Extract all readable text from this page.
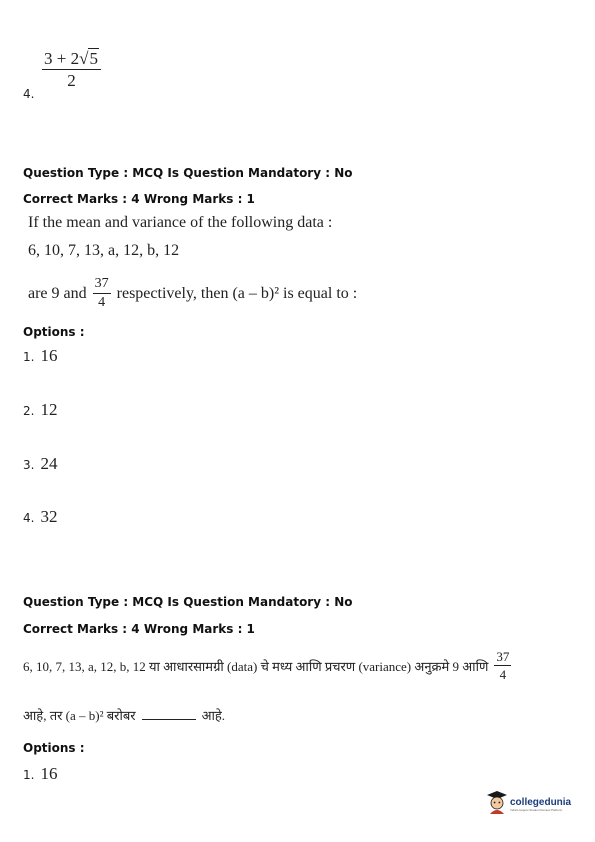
4.
$\frac{3 + 2√5}{2}$
Question Type : MCQ Is Question Mandatory : No
Correct Marks : 4 Wrong Marks : 1
If the mean and variance of the following data :
6, 10, 7, 13, a, 12, b, 12
are 9 and $\frac{37}{4}$ respectively, then (a – b)² is equal to :
Options :
1. 16
2. 12
3. 24
4. 32
Question Type : MCQ Is Question Mandatory : No
Correct Marks : 4 Wrong Marks : 1
6, 10, 7, 13, a, 12, b, 12 या आधारसामग्री (data) चे मध्य आणि प्रचरण (variance) अनुक्रमे 9 आणि $\frac{37}{4}$
आहे, तर (a – b)² बरोबर	आहे.
Options :
1. 16
collegedunia
India's largest Student Review Platform
